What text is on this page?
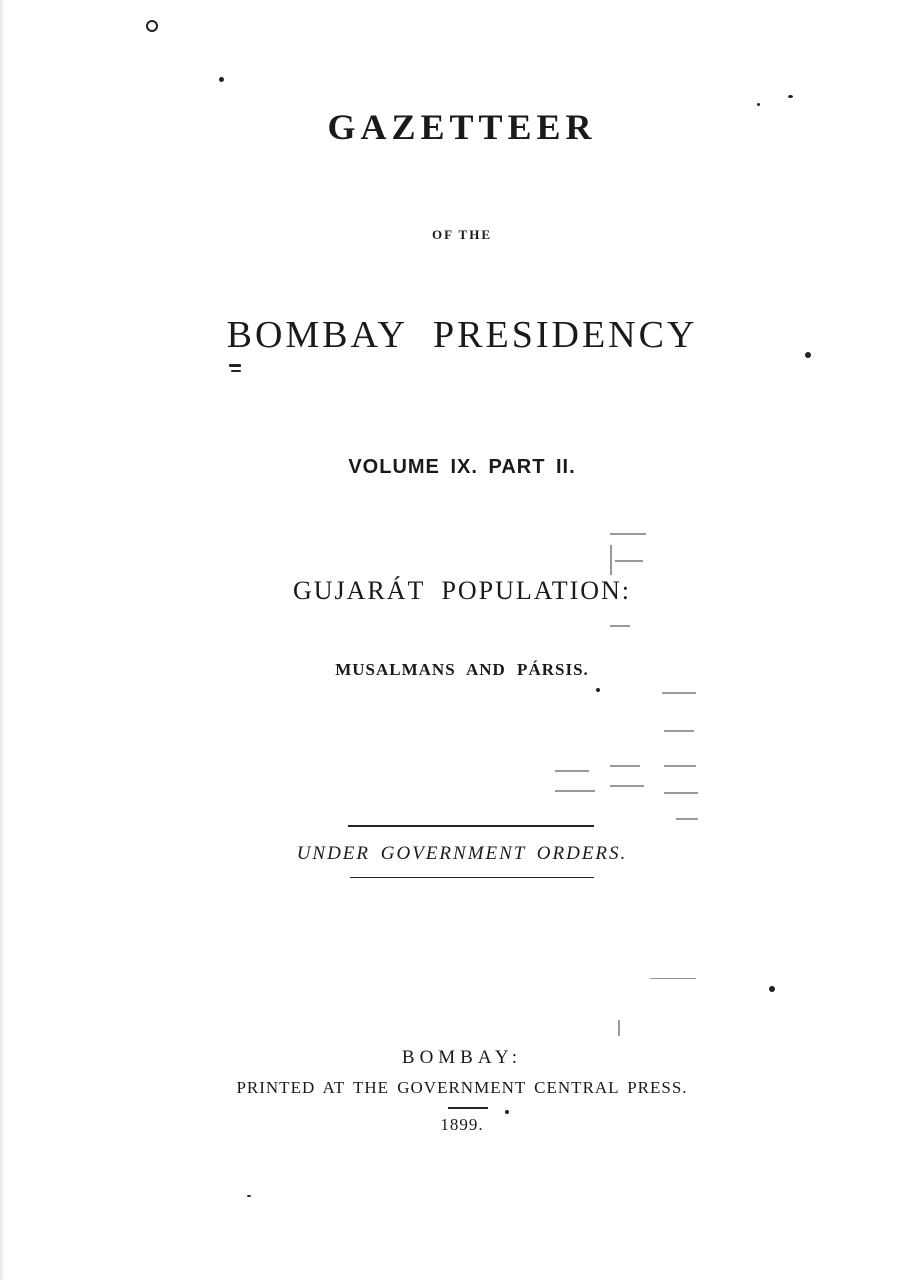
GAZETTEER
OF THE
BOMBAY PRESIDENCY
VOLUME IX. PART II.
GUJARÁT POPULATION:
MUSALMANS AND PÁRSIS.
UNDER GOVERNMENT ORDERS.
BOMBAY:
PRINTED AT THE GOVERNMENT CENTRAL PRESS.
1899.
